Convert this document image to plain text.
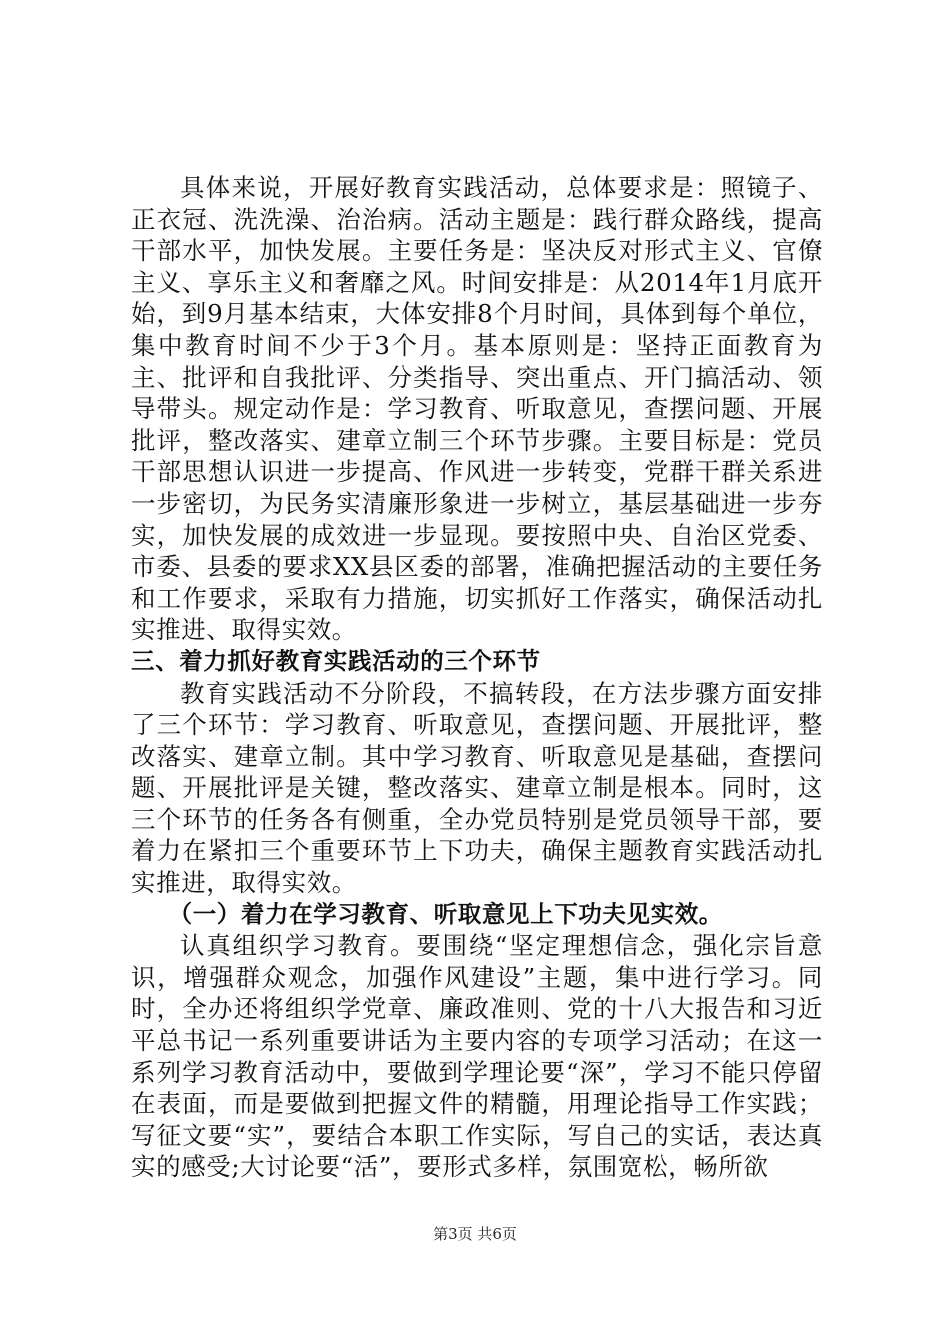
具体来说，开展好教育实践活动，总体要求是：照镜子、正衣冠、洗洗澡、治治病。活动主题是：践行群众路线，提高干部水平，加快发展。主要任务是：坚决反对形式主义、官僚主义、享乐主义和奢靡之风。时间安排是：从2014年1月底开始，到9月基本结束，大体安排8个月时间，具体到每个单位，集中教育时间不少于3个月。基本原则是：坚持正面教育为主、批评和自我批评、分类指导、突出重点、开门搞活动、领导带头。规定动作是：学习教育、听取意见，查摆问题、开展批评，整改落实、建章立制三个环节步骤。主要目标是：党员干部思想认识进一步提高、作风进一步转变，党群干群关系进一步密切，为民务实清廉形象进一步树立，基层基础进一步夯实，加快发展的成效进一步显现。要按照中央、自治区党委、市委、县委的要求XX县区委的部署，准确把握活动的主要任务和工作要求，采取有力措施，切实抓好工作落实，确保活动扎实推进、取得实效。

三、着力抓好教育实践活动的三个环节

教育实践活动不分阶段，不搞转段，在方法步骤方面安排了三个环节：学习教育、听取意见，查摆问题、开展批评，整改落实、建章立制。其中学习教育、听取意见是基础，查摆问题、开展批评是关键，整改落实、建章立制是根本。同时，这三个环节的任务各有侧重，全办党员特别是党员领导干部，要着力在紧扣三个重要环节上下功夫，确保主题教育实践活动扎实推进，取得实效。

（一）着力在学习教育、听取意见上下功夫见实效。

认真组织学习教育。要围绕“坚定理想信念，强化宗旨意识，增强群众观念，加强作风建设”主题，集中进行学习。同时，全办还将组织学党章、廉政准则、党的十八大报告和习近平总书记一系列重要讲话为主要内容的专项学习活动；在这一系列学习教育活动中，要做到学理论要“深”，学习不能只停留在表面，而是要做到把握文件的精髓，用理论指导工作实践；写征文要“实”，要结合本职工作实际，写自己的实话，表达真实的感受;大讨论要“活”，要形式多样，氛围宽松，畅所欲

第3页 共6页
